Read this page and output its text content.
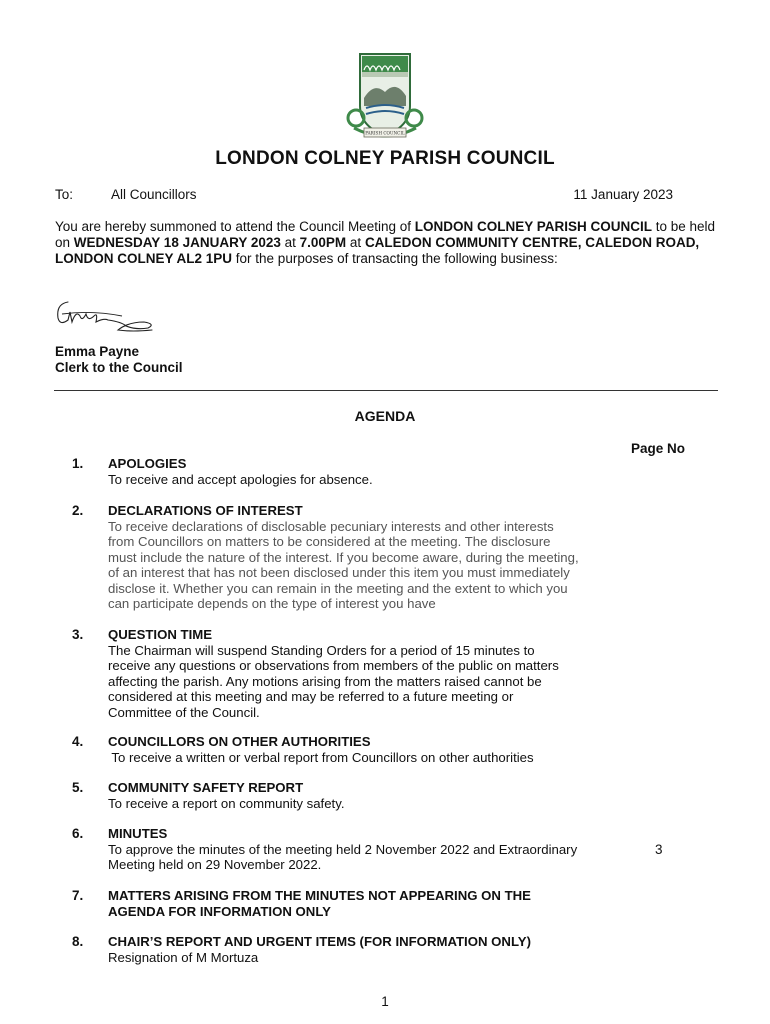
PARISH COUNCIL
LONDON COLNEY PARISH COUNCIL
To:	All Councillors	11 January 2023
You are hereby summoned to attend the Council Meeting of LONDON COLNEY PARISH COUNCIL to be held on WEDNESDAY 18 JANUARY 2023 at 7.00PM at CALEDON COMMUNITY CENTRE, CALEDON ROAD, LONDON COLNEY AL2 1PU for the purposes of transacting the following business:
Emma Payne
Clerk to the Council
AGENDA
Page No
1. APOLOGIES
To receive and accept apologies for absence.
2. DECLARATIONS OF INTEREST
To receive declarations of disclosable pecuniary interests and other interests
from Councillors on matters to be considered at the meeting. The disclosure
must include the nature of the interest. If you become aware, during the meeting,
of an interest that has not been disclosed under this item you must immediately
disclose it. Whether you can remain in the meeting and the extent to which you
can participate depends on the type of interest you have
3. QUESTION TIME
The Chairman will suspend Standing Orders for a period of 15 minutes to
receive any questions or observations from members of the public on matters
affecting the parish. Any motions arising from the matters raised cannot be
considered at this meeting and may be referred to a future meeting or
Committee of the Council.
4. COUNCILLORS ON OTHER AUTHORITIES
To receive a written or verbal report from Councillors on other authorities
5. COMMUNITY SAFETY REPORT
To receive a report on community safety.
6. MINUTES
To approve the minutes of the meeting held 2 November 2022 and Extraordinary
Meeting held on 29 November 2022.
3
7. MATTERS ARISING FROM THE MINUTES NOT APPEARING ON THE
AGENDA FOR INFORMATION ONLY
8. CHAIR’S REPORT AND URGENT ITEMS (FOR INFORMATION ONLY)
Resignation of M Mortuza
1
